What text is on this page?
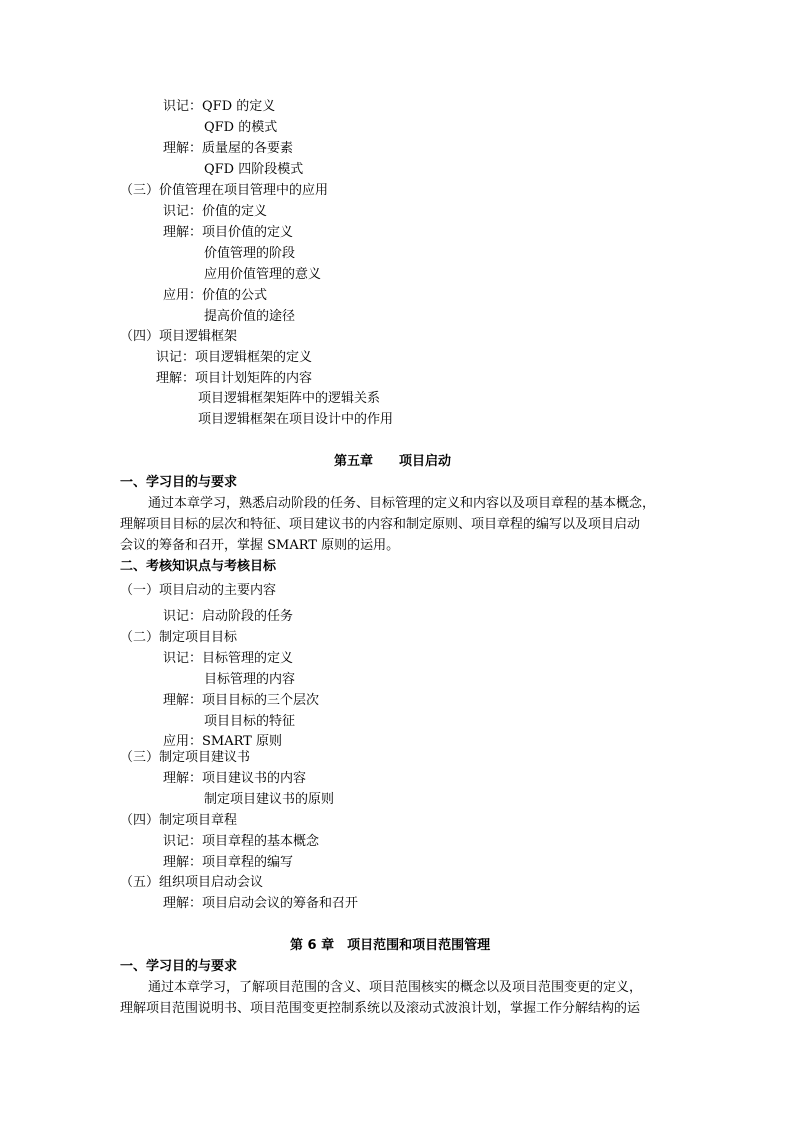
识记：QFD 的定义
QFD 的模式
理解：质量屋的各要素
QFD 四阶段模式
（三）价值管理在项目管理中的应用
识记：价值的定义
理解：项目价值的定义
价值管理的阶段
应用价值管理的意义
应用：价值的公式
提高价值的途径
（四）项目逻辑框架
识记：项目逻辑框架的定义
理解：项目计划矩阵的内容
项目逻辑框架矩阵中的逻辑关系
项目逻辑框架在项目设计中的作用
第五章　　项目启动
一、学习目的与要求
通过本章学习，熟悉启动阶段的任务、目标管理的定义和内容以及项目章程的基本概念，
理解项目目标的层次和特征、项目建议书的内容和制定原则、项目章程的编写以及项目启动
会议的筹备和召开，掌握 SMART 原则的运用。
二、考核知识点与考核目标
（一）项目启动的主要内容
识记：启动阶段的任务
（二）制定项目目标
识记：目标管理的定义
目标管理的内容
理解：项目目标的三个层次
项目目标的特征
应用：SMART 原则
（三）制定项目建议书
理解：项目建议书的内容
制定项目建议书的原则
（四）制定项目章程
识记：项目章程的基本概念
理解：项目章程的编写
（五）组织项目启动会议
理解：项目启动会议的筹备和召开
第 6 章　项目范围和项目范围管理
一、学习目的与要求
通过本章学习，了解项目范围的含义、项目范围核实的概念以及项目范围变更的定义，
理解项目范围说明书、项目范围变更控制系统以及滚动式波浪计划，掌握工作分解结构的运
